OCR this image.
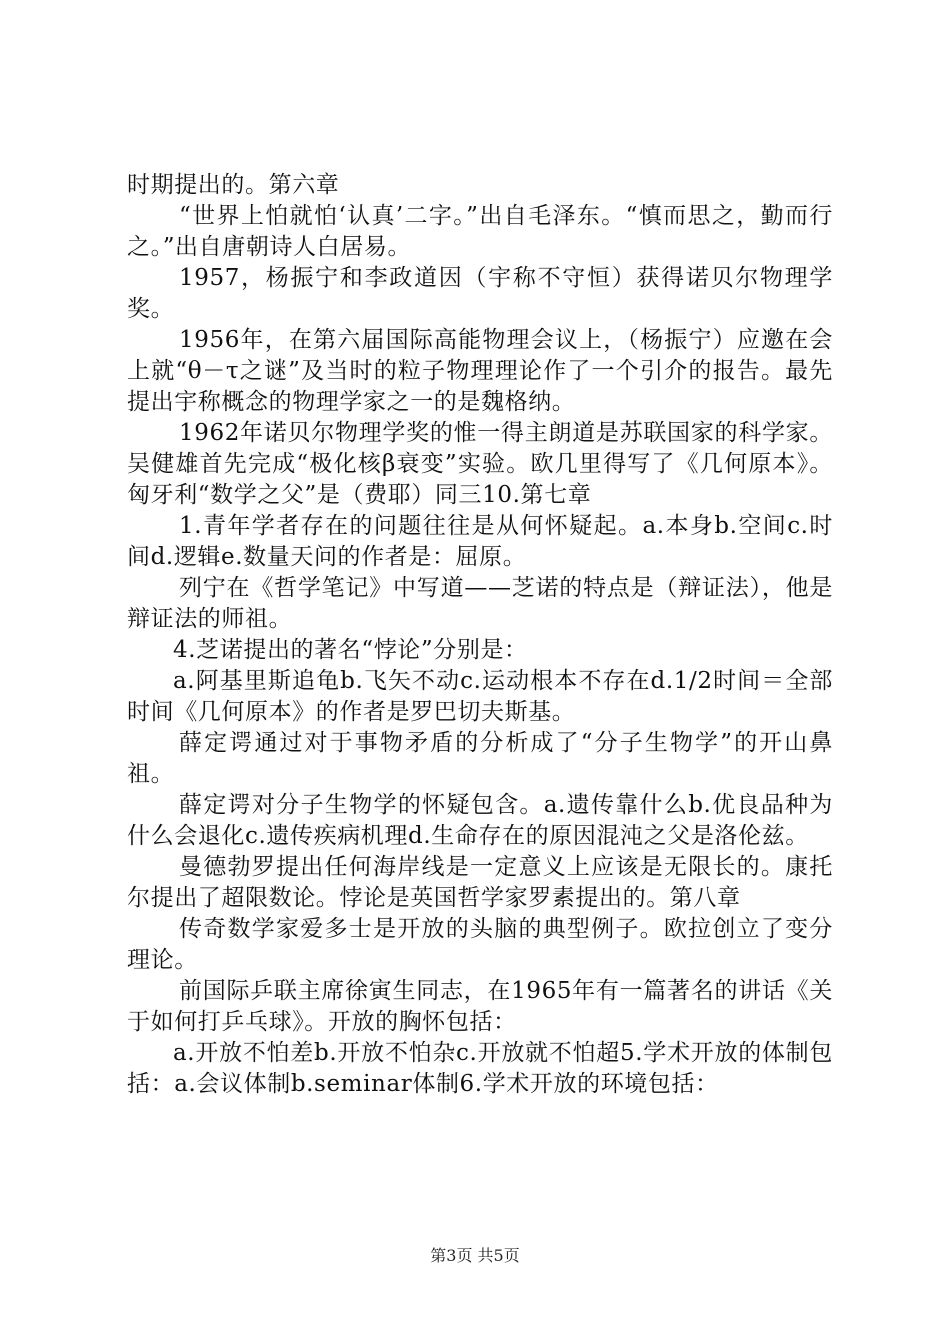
时期提出的。第六章

“世界上怕就怕‘认真’二字。”出自毛泽东。“慎而思之，勤而行之。”出自唐朝诗人白居易。

1957，杨振宁和李政道因（宇称不守恒）获得诺贝尔物理学奖。

1956年，在第六届国际高能物理会议上，（杨振宁）应邀在会上就“θ－τ之谜”及当时的粒子物理理论作了一个引介的报告。最先提出宇称概念的物理学家之一的是魏格纳。

1962年诺贝尔物理学奖的惟一得主朗道是苏联国家的科学家。吴健雄首先完成“极化核β衰变”实验。欧几里得写了《几何原本》。匈牙利“数学之父”是（费耶）同三10.第七章

1.青年学者存在的问题往往是从何怀疑起。a.本身b.空间c.时间d.逻辑e.数量天问的作者是：屈原。

列宁在《哲学笔记》中写道——芝诺的特点是（辩证法），他是辩证法的师祖。

4.芝诺提出的著名“悖论”分别是：

a.阿基里斯追龟b.飞矢不动c.运动根本不存在d.1/2时间＝全部时间《几何原本》的作者是罗巴切夫斯基。

薛定谔通过对于事物矛盾的分析成了“分子生物学”的开山鼻祖。

薛定谔对分子生物学的怀疑包含。a.遗传靠什么b.优良品种为什么会退化c.遗传疾病机理d.生命存在的原因混沌之父是洛伦兹。

曼德勃罗提出任何海岸线是一定意义上应该是无限长的。康托尔提出了超限数论。悖论是英国哲学家罗素提出的。第八章

传奇数学家爱多士是开放的头脑的典型例子。欧拉创立了变分理论。

前国际乒联主席徐寅生同志，在1965年有一篇著名的讲话《关于如何打乒乓球》。开放的胸怀包括：

a.开放不怕差b.开放不怕杂c.开放就不怕超5.学术开放的体制包括：a.会议体制b.seminar体制6.学术开放的环境包括：

第3页 共5页
